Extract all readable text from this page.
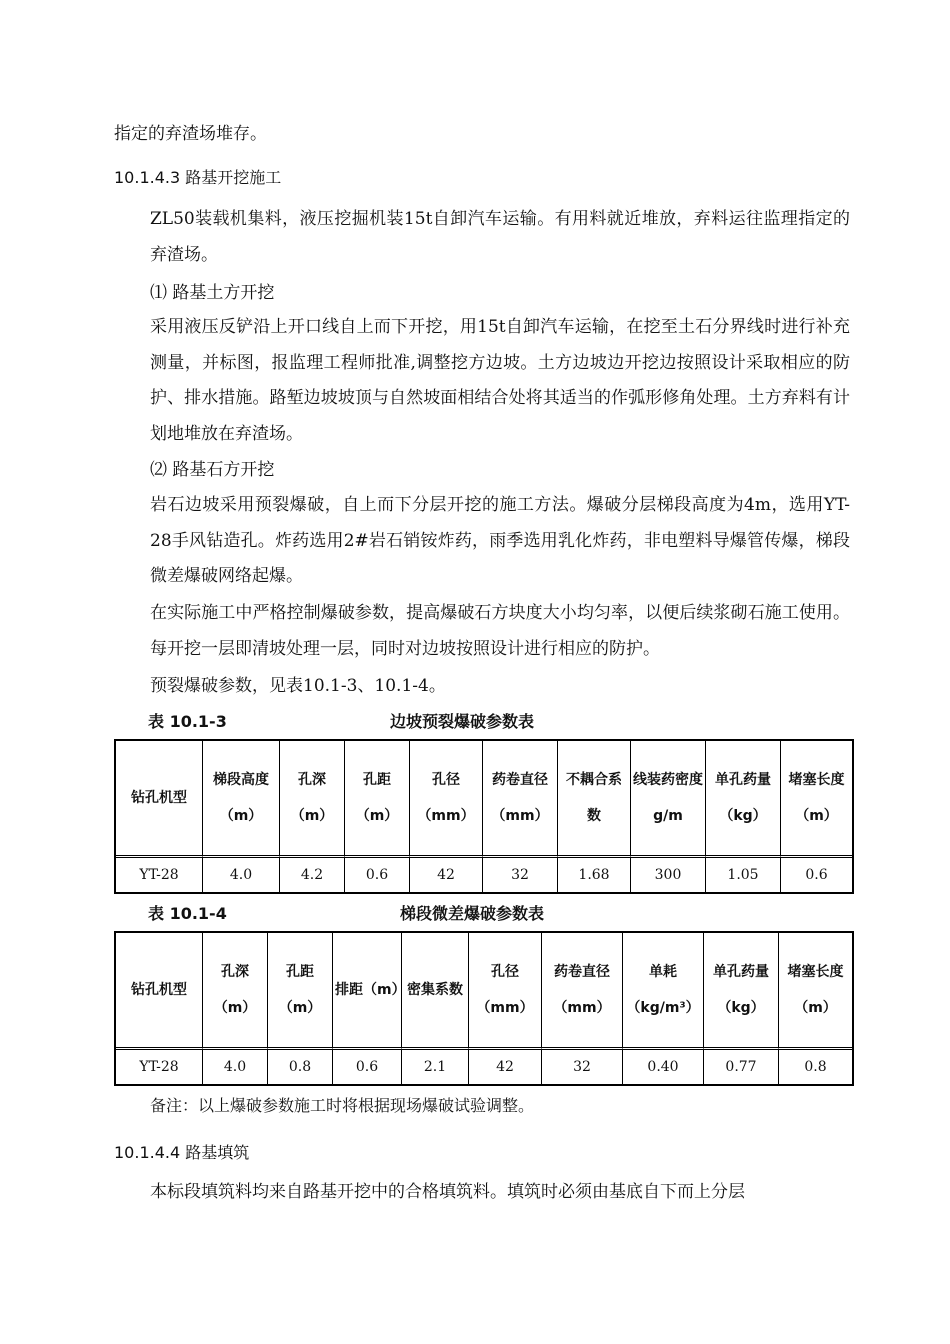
指定的弃渣场堆存。
10.1.4.3 路基开挖施工
ZL50装载机集料，液压挖掘机装15t自卸汽车运输。有用料就近堆放，弃料运往监理指定的弃渣场。
⑴ 路基土方开挖
采用液压反铲沿上开口线自上而下开挖，用15t自卸汽车运输，在挖至土石分界线时进行补充测量，并标图，报监理工程师批准,调整挖方边坡。土方边坡边开挖边按照设计采取相应的防护、排水措施。路堑边坡坡顶与自然坡面相结合处将其适当的作弧形修角处理。土方弃料有计划地堆放在弃渣场。
⑵ 路基石方开挖
岩石边坡采用预裂爆破，自上而下分层开挖的施工方法。爆破分层梯段高度为4m，选用YT-28手风钻造孔。炸药选用2#岩石销铵炸药，雨季选用乳化炸药，非电塑料导爆管传爆，梯段微差爆破网络起爆。
在实际施工中严格控制爆破参数，提高爆破石方块度大小均匀率，以便后续浆砌石施工使用。每开挖一层即清坡处理一层，同时对边坡按照设计进行相应的防护。
预裂爆破参数，见表10.1-3、10.1-4。
表 10.1-3	边坡预裂爆破参数表
钻孔机型	梯段高度（m）	孔深（m）	孔距（m）	孔径（mm）	药卷直径（mm）	不耦合系数	线装药密度g/m	单孔药量（kg）	堵塞长度（m）
YT-28	4.0	4.2	0.6	42	32	1.68	300	1.05	0.6
表 10.1-4	梯段微差爆破参数表
钻孔机型	孔深（m）	孔距（m）	排距（m）	密集系数	孔径（mm）	药卷直径（mm）	单耗（kg/m³）	单孔药量（kg）	堵塞长度（m）
YT-28	4.0	0.8	0.6	2.1	42	32	0.40	0.77	0.8
备注：以上爆破参数施工时将根据现场爆破试验调整。
10.1.4.4 路基填筑
本标段填筑料均来自路基开挖中的合格填筑料。填筑时必须由基底自下而上分层
